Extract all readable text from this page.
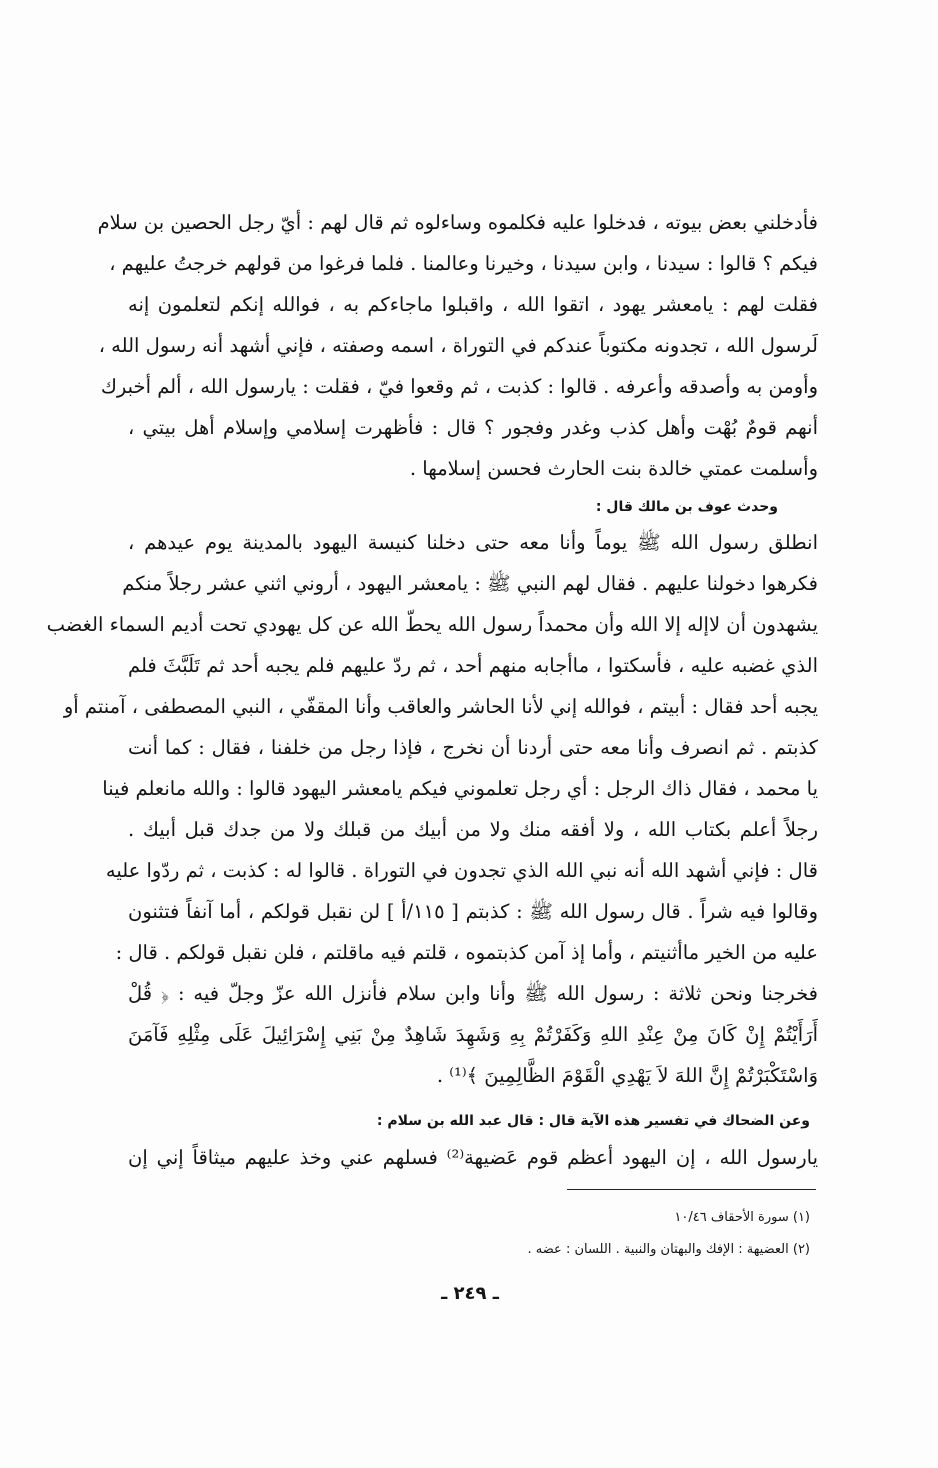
فأدخلني بعض بيوته ، فدخلوا عليه فكلموه وساءلوه ثم قال لهم : أيّ رجل الحصين بن سلام
فيكم ؟ قالوا : سيدنا ، وابن سيدنا ، وخيرنا وعالمنا . فلما فرغوا من قولهم خرجتُ عليهم ،
فقلت لهم : يامعشر يهود ، اتقوا الله ، واقبلوا ماجاءكم به ، فوالله إنكم لتعلمون إنه
لَرسول الله ، تجدونه مكتوباً عندكم في التوراة ، اسمه وصفته ، فإني أشهد أنه رسول الله ،
وأومن به وأصدقه وأعرفه . قالوا : كذبت ، ثم وقعوا فيّ ، فقلت : يارسول الله ، ألم أخبرك
أنهم قومٌ بُهْت وأهل كذب وغدر وفجور ؟ قال : فأظهرت إسلامي وإسلام أهل بيتي ،
وأسلمت عمتي خالدة بنت الحارث فحسن إسلامها .
وحدث عوف بن مالك قال :
انطلق رسول الله ﷺ يوماً وأنا معه حتى دخلنا كنيسة اليهود بالمدينة يوم عيدهم ،
فكرهوا دخولنا عليهم . فقال لهم النبي ﷺ : يامعشر اليهود ، أروني اثني عشر رجلاً منكم
يشهدون أن لاإله إلا الله وأن محمداً رسول الله يحطّ الله عن كل يهودي تحت أديم السماء الغضب
الذي غضبه عليه ، فأسكتوا ، ماأجابه منهم أحد ، ثم ردّ عليهم فلم يجبه أحد ثم تَلَبَّثَ فلم
يجبه أحد فقال : أبيتم ، فوالله إني لأنا الحاشر والعاقب وأنا المقفّي ، النبي المصطفى ، آمنتم أو
كذبتم . ثم انصرف وأنا معه حتى أردنا أن نخرج ، فإذا رجل من خلفنا ، فقال : كما أنت
يا محمد ، فقال ذاك الرجل : أي رجل تعلموني فيكم يامعشر اليهود قالوا : والله مانعلم فينا
رجلاً أعلم بكتاب الله ، ولا أفقه منك ولا من أبيك من قبلك ولا من جدك قبل أبيك .
قال : فإني أشهد الله أنه نبي الله الذي تجدون في التوراة . قالوا له : كذبت ، ثم ردّوا عليه
وقالوا فيه شراً . قال رسول الله ﷺ : كذبتم [ ١١٥/أ ] لن نقبل قولكم ، أما آنفاً فتثنون
عليه من الخير ماأثنيتم ، وأما إذ آمن كذبتموه ، قلتم فيه ماقلتم ، فلن نقبل قولكم . قال :
فخرجنا ونحن ثلاثة : رسول الله ﷺ وأنا وابن سلام فأنزل الله عزّ وجلّ فيه : ﴿ قُلْ
أَرَأَيْتُمْ إِنْ كَانَ مِنْ عِنْدِ اللهِ وَكَفَرْتُمْ بِهِ وَشَهِدَ شَاهِدٌ مِنْ بَنِي إِسْرَائِيلَ عَلَى مِثْلِهِ فَآمَنَ
وَاسْتَكْبَرْتُمْ إِنَّ اللهَ لاَ يَهْدِي الْقَوْمَ الظَّالِمِينَ ﴾⁽¹⁾ .
وعن الضحاك في تفسير هذه الآية قال : قال عبد الله بن سلام :
يارسول الله ، إن اليهود أعظم قوم عَضيهة⁽²⁾ فسلهم عني وخذ عليهم ميثاقاً إني إن
(١) سورة الأحقاف ١٠/٤٦
(٢) العضيهة : الإفك والبهتان والنبية . اللسان : عضه .
ـ ٢٤٩ ـ
